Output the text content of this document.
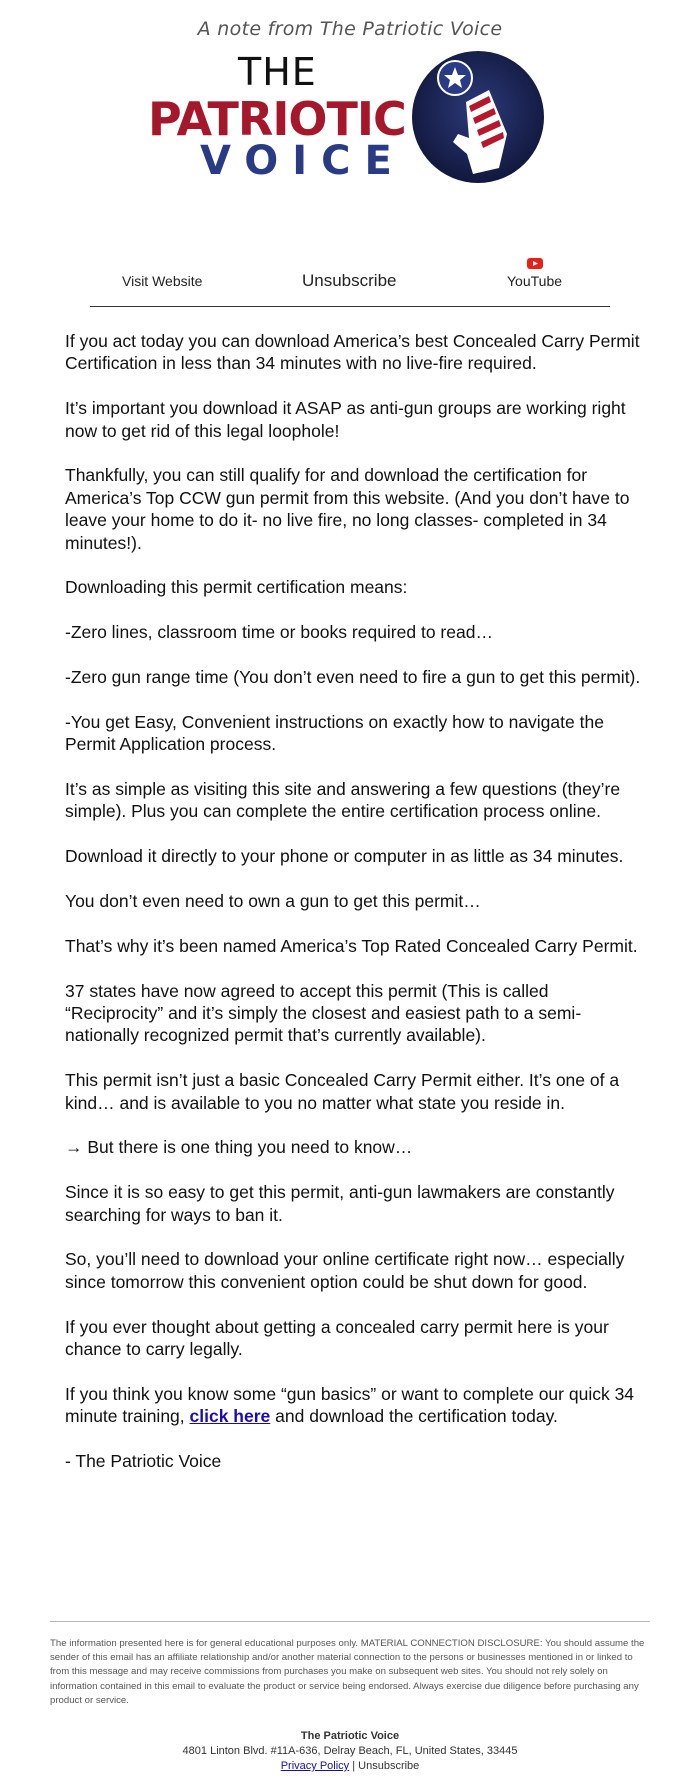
A note from The Patriotic Voice
THE
PATRIOTIC
VOICE
Visit Website	Unsubscribe	YouTube

If you act today you can download America’s best Concealed Carry Permit Certification in less than 34 minutes with no live-fire required.

It’s important you download it ASAP as anti-gun groups are working right now to get rid of this legal loophole!

Thankfully, you can still qualify for and download the certification for America’s Top CCW gun permit from this website. (And you don’t have to leave your home to do it- no live fire, no long classes- completed in 34 minutes!).

Downloading this permit certification means:

-Zero lines, classroom time or books required to read…

-Zero gun range time (You don’t even need to fire a gun to get this permit).

-You get Easy, Convenient instructions on exactly how to navigate the Permit Application process.

It’s as simple as visiting this site and answering a few questions (they’re simple). Plus you can complete the entire certification process online.

Download it directly to your phone or computer in as little as 34 minutes.

You don’t even need to own a gun to get this permit…

That’s why it’s been named America’s Top Rated Concealed Carry Permit.

37 states have now agreed to accept this permit (This is called “Reciprocity” and it’s simply the closest and easiest path to a semi-nationally recognized permit that’s currently available).

This permit isn’t just a basic Concealed Carry Permit either. It’s one of a kind… and is available to you no matter what state you reside in.

→ But there is one thing you need to know…

Since it is so easy to get this permit, anti-gun lawmakers are constantly searching for ways to ban it.

So, you’ll need to download your online certificate right now… especially since tomorrow this convenient option could be shut down for good.

If you ever thought about getting a concealed carry permit here is your chance to carry legally.

If you think you know some “gun basics” or want to complete our quick 34 minute training, click here and download the certification today.

- The Patriotic Voice

The information presented here is for general educational purposes only. MATERIAL CONNECTION DISCLOSURE: You should assume the sender of this email has an affiliate relationship and/or another material connection to the persons or businesses mentioned in or linked to from this message and may receive commissions from purchases you make on subsequent web sites. You should not rely solely on information contained in this email to evaluate the product or service being endorsed. Always exercise due diligence before purchasing any product or service.
The Patriotic Voice
4801 Linton Blvd. #11A-636, Delray Beach, FL, United States, 33445
Privacy Policy | Unsubscribe
